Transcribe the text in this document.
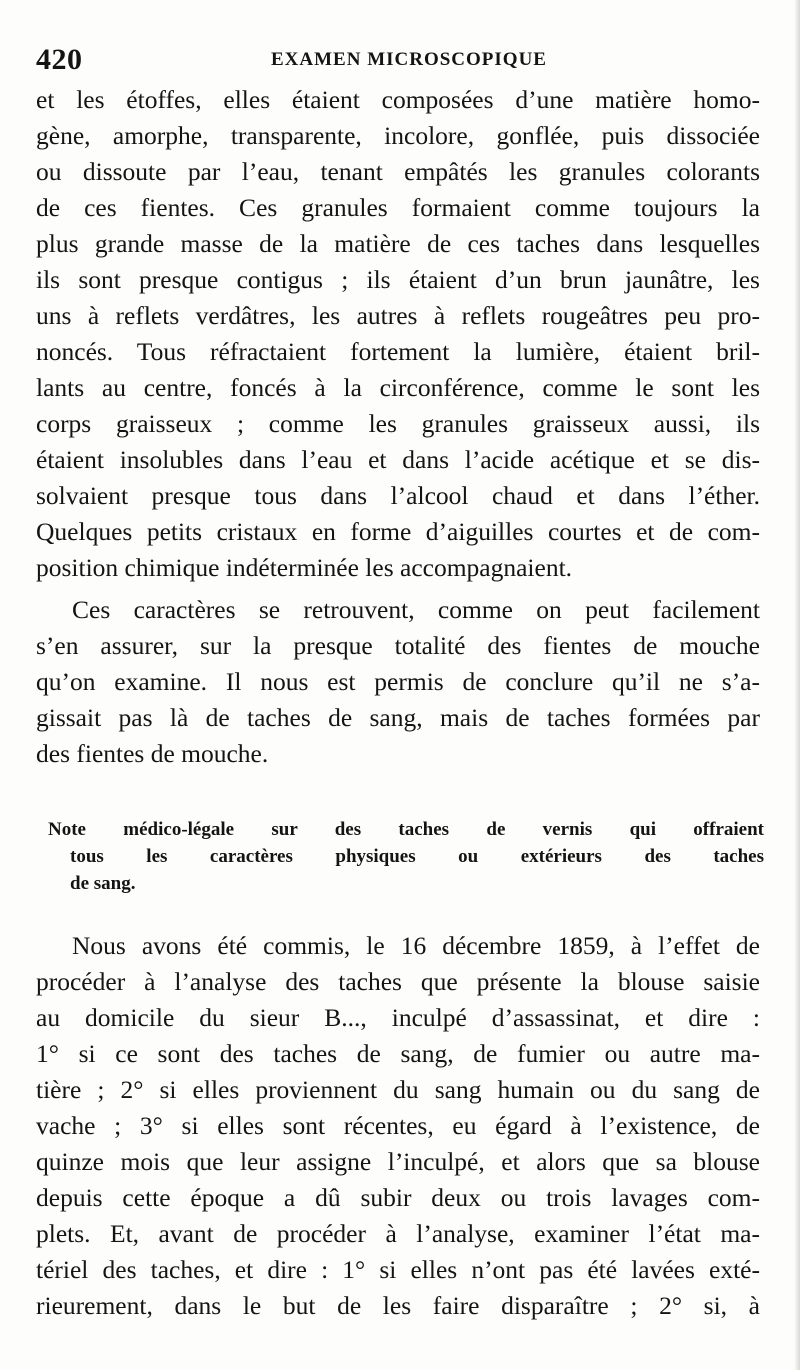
420	EXAMEN MICROSCOPIQUE
et les étoffes, elles étaient composées d’une matière homo-
gène, amorphe, transparente, incolore, gonflée, puis dissociée
ou dissoute par l’eau, tenant empâtés les granules colorants
de ces fientes. Ces granules formaient comme toujours la
plus grande masse de la matière de ces taches dans lesquelles
ils sont presque contigus ; ils étaient d’un brun jaunâtre, les
uns à reflets verdâtres, les autres à reflets rougeâtres peu pro-
noncés. Tous réfractaient fortement la lumière, étaient bril-
lants au centre, foncés à la circonférence, comme le sont les
corps graisseux ; comme les granules graisseux aussi, ils
étaient insolubles dans l’eau et dans l’acide acétique et se dis-
solvaient presque tous dans l’alcool chaud et dans l’éther.
Quelques petits cristaux en forme d’aiguilles courtes et de com-
position chimique indéterminée les accompagnaient.
Ces caractères se retrouvent, comme on peut facilement
s’en assurer, sur la presque totalité des fientes de mouche
qu’on examine. Il nous est permis de conclure qu’il ne s’a-
gissait pas là de taches de sang, mais de taches formées par
des fientes de mouche.
Note médico-légale sur des taches de vernis qui offraient
tous les caractères physiques ou extérieurs des taches
de sang.
Nous avons été commis, le 16 décembre 1859, à l’effet de
procéder à l’analyse des taches que présente la blouse saisie
au domicile du sieur B..., inculpé d’assassinat, et dire :
1° si ce sont des taches de sang, de fumier ou autre ma-
tière ; 2° si elles proviennent du sang humain ou du sang de
vache ; 3° si elles sont récentes, eu égard à l’existence, de
quinze mois que leur assigne l’inculpé, et alors que sa blouse
depuis cette époque a dû subir deux ou trois lavages com-
plets. Et, avant de procéder à l’analyse, examiner l’état ma-
tériel des taches, et dire : 1° si elles n’ont pas été lavées exté-
rieurement, dans le but de les faire disparaître ; 2° si, à
